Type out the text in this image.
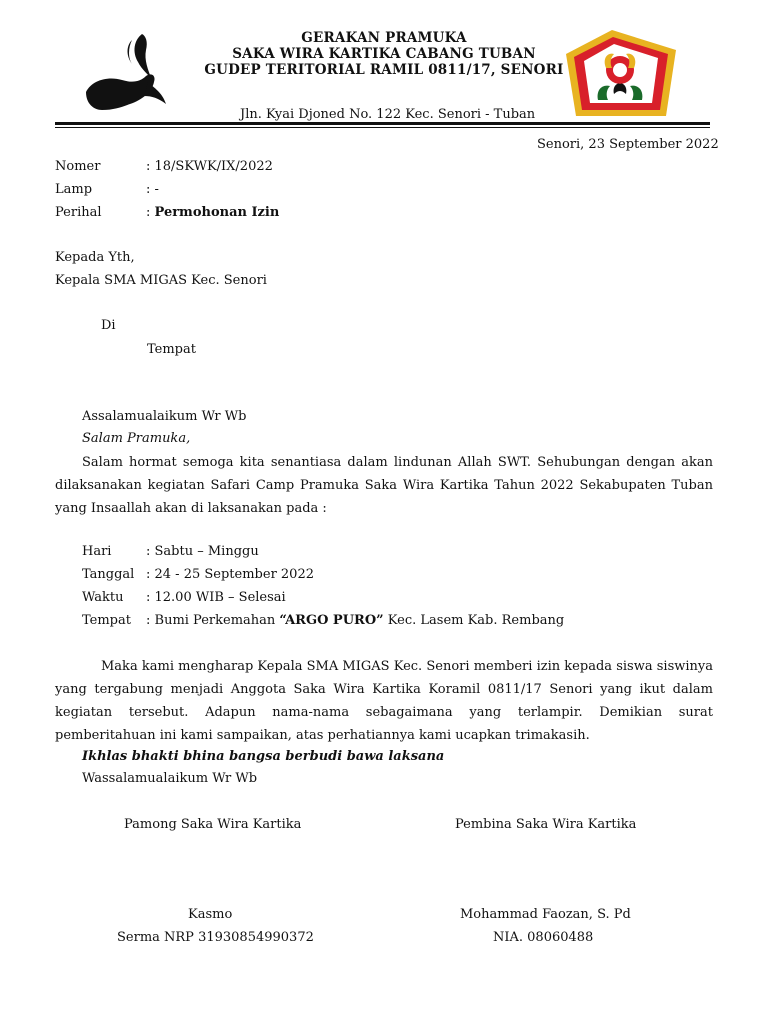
GERAKAN PRAMUKA
SAKA WIRA KARTIKA CABANG TUBAN
GUDEP TERITORIAL RAMIL 0811/17, SENORI
Jln. Kyai Djoned No. 122 Kec. Senori - Tuban
Senori, 23 September 2022
Nomer	: 18/SKWK/IX/2022
Lamp	: -
Perihal	: Permohonan Izin
Kepada Yth,
Kepala SMA MIGAS Kec. Senori
Di
Tempat
Assalamualaikum Wr Wb
Salam Pramuka,
Salam hormat semoga kita senantiasa dalam lindunan Allah SWT. Sehubungan dengan akan dilaksanakan kegiatan Safari Camp Pramuka Saka Wira Kartika Tahun 2022 Sekabupaten Tuban yang Insaallah akan di laksanakan pada :
Hari	: Sabtu – Minggu
Tanggal : 24 - 25 September 2022
Waktu : 12.00 WIB – Selesai
Tempat : Bumi Perkemahan “ARGO PURO” Kec. Lasem Kab. Rembang
Maka kami mengharap Kepala SMA MIGAS Kec. Senori memberi izin kepada siswa siswinya yang tergabung menjadi Anggota Saka Wira Kartika Koramil 0811/17 Senori yang ikut dalam kegiatan tersebut. Adapun nama-nama sebagaimana yang terlampir. Demikian surat pemberitahuan ini kami sampaikan, atas perhatiannya kami ucapkan trimakasih.
Ikhlas bhakti bhina bangsa berbudi bawa laksana
Wassalamualaikum Wr Wb
Pamong Saka Wira Kartika	Pembina Saka Wira Kartika
Kasmo	Mohammad Faozan, S. Pd
Serma NRP 31930854990372	NIA. 08060488
